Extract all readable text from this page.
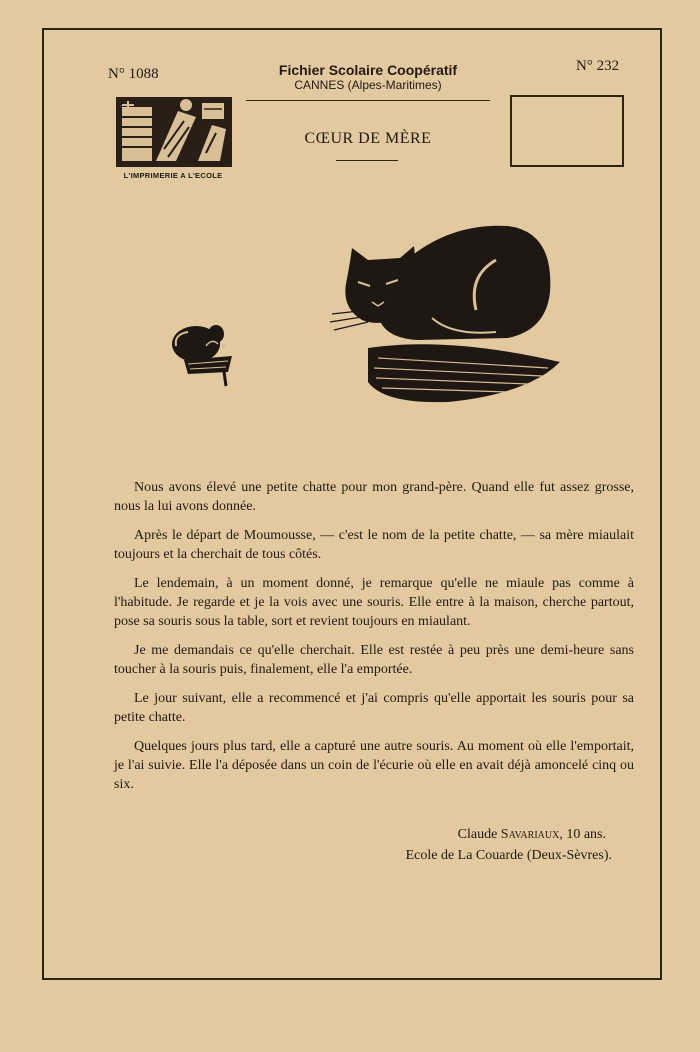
N° 1088	N° 232
Fichier Scolaire Coopératif
CANNES (Alpes-Maritimes)
L'IMPRIMERIE A L'ECOLE
CŒUR DE MÈRE

Nous avons élevé une petite chatte pour mon grand-père. Quand elle fut assez grosse, nous la lui avons donnée.

Après le départ de Moumousse, — c'est le nom de la petite chatte, — sa mère miaulait toujours et la cherchait de tous côtés.

Le lendemain, à un moment donné, je remarque qu'elle ne miaule pas comme à l'habitude. Je regarde et je la vois avec une souris. Elle entre à la maison, cherche partout, pose sa souris sous la table, sort et revient toujours en miaulant.

Je me demandais ce qu'elle cherchait. Elle est restée à peu près une demi-heure sans toucher à la souris puis, finalement, elle l'a emportée.

Le jour suivant, elle a recommencé et j'ai compris qu'elle apportait les souris pour sa petite chatte.

Quelques jours plus tard, elle a capturé une autre souris. Au moment où elle l'emportait, je l'ai suivie. Elle l'a déposée dans un coin de l'écurie où elle en avait déjà amoncelé cinq ou six.

Claude Savariaux, 10 ans.
Ecole de La Couarde (Deux-Sèvres).
